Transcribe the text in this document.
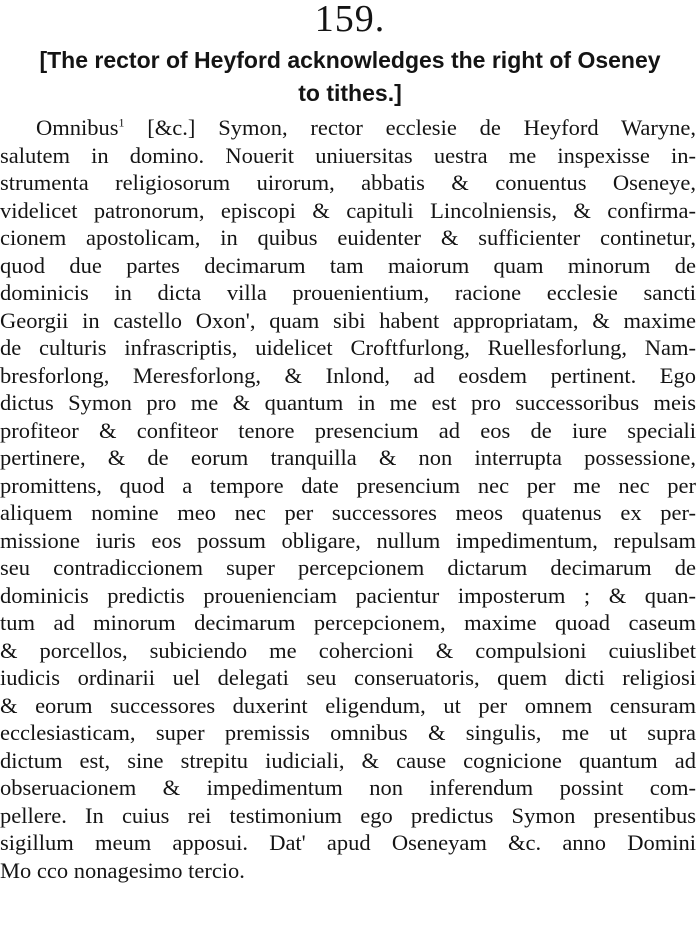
159.
[The rector of Heyford acknowledges the right of Oseney
to tithes.]
Omnibus$^1$ [&c.] Symon, rector ecclesie de Heyford Waryne,
salutem in domino. Nouerit uniuersitas uestra me inspexisse in-
strumenta religiosorum uirorum, abbatis & conuentus Oseneye,
videlicet patronorum, episcopi & capituli Lincolniensis, & confirma-
cionem apostolicam, in quibus euidenter & sufficienter continetur,
quod due partes decimarum tam maiorum quam minorum de
dominicis in dicta villa prouenientium, racione ecclesie sancti
Georgii in castello Oxon', quam sibi habent appropriatam, & maxime
de culturis infrascriptis, uidelicet Croftfurlong, Ruellesforlung, Nam-
bresforlong, Meresforlong, & Inlond, ad eosdem pertinent. Ego
dictus Symon pro me & quantum in me est pro successoribus meis
profiteor & confiteor tenore presencium ad eos de iure speciali
pertinere, & de eorum tranquilla & non interrupta possessione,
promittens, quod a tempore date presencium nec per me nec per
aliquem nomine meo nec per successores meos quatenus ex per-
missione iuris eos possum obligare, nullum impedimentum, repulsam
seu contradiccionem super percepcionem dictarum decimarum de
dominicis predictis prouenienciam pacientur imposterum ; & quan-
tum ad minorum decimarum percepcionem, maxime quoad caseum
& porcellos, subiciendo me cohercioni & compulsioni cuiuslibet
iudicis ordinarii uel delegati seu conseruatoris, quem dicti religiosi
& eorum successores duxerint eligendum, ut per omnem censuram
ecclesiasticam, super premissis omnibus & singulis, me ut supra
dictum est, sine strepitu iudiciali, & cause cognicione quantum ad
obseruacionem & impedimentum non inferendum possint com-
pellere. In cuius rei testimonium ego predictus Symon presentibus
sigillum meum apposui. Dat' apud Oseneyam &c. anno Domini
Mo cco nonagesimo tercio.
